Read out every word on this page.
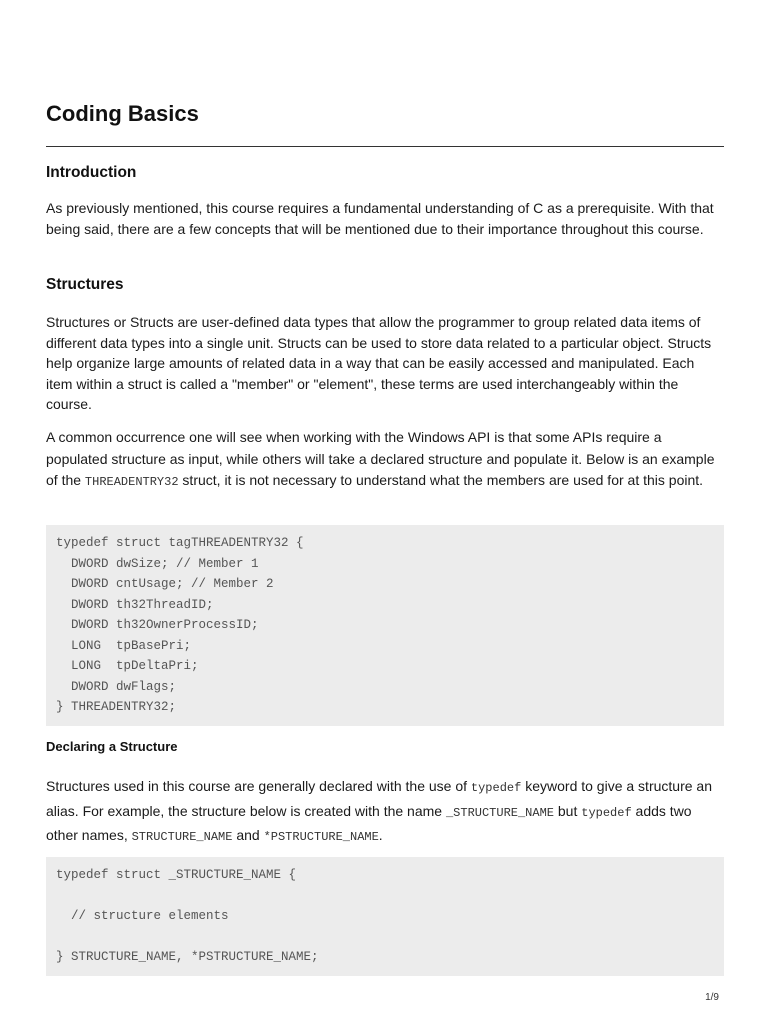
Coding Basics
Introduction

As previously mentioned, this course requires a fundamental understanding of C as a prerequisite. With that being said, there are a few concepts that will be mentioned due to their importance throughout this course.

Structures

Structures or Structs are user-defined data types that allow the programmer to group related data items of different data types into a single unit. Structs can be used to store data related to a particular object. Structs help organize large amounts of related data in a way that can be easily accessed and manipulated. Each item within a struct is called a "member" or "element", these terms are used interchangeably within the course.

A common occurrence one will see when working with the Windows API is that some APIs require a populated structure as input, while others will take a declared structure and populate it. Below is an example of the THREADENTRY32 struct, it is not necessary to understand what the members are used for at this point.

typedef struct tagTHREADENTRY32 {
DWORD dwSize; // Member 1
DWORD cntUsage; // Member 2
DWORD th32ThreadID;
DWORD th32OwnerProcessID;
LONG  tpBasePri;
LONG  tpDeltaPri;
DWORD dwFlags;
} THREADENTRY32;
Declaring a Structure

Structures used in this course are generally declared with the use of typedef keyword to give a structure an alias. For example, the structure below is created with the name _STRUCTURE_NAME but typedef adds two other names, STRUCTURE_NAME and *PSTRUCTURE_NAME.

typedef struct _STRUCTURE_NAME {

// structure elements

} STRUCTURE_NAME, *PSTRUCTURE_NAME;
1/9
